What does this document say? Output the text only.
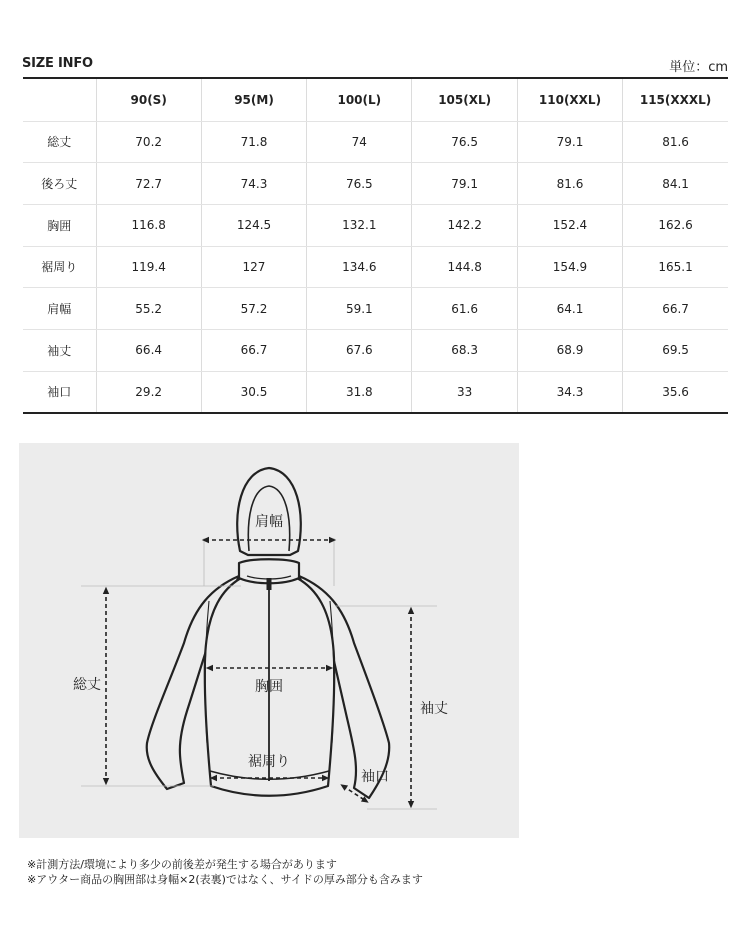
SIZE INFO	単位：cm
	90(S)	95(M)	100(L)	105(XL)	110(XXL)	115(XXXL)
総丈	70.2	71.8	74	76.5	79.1	81.6
後ろ丈	72.7	74.3	76.5	79.1	81.6	84.1
胸囲	116.8	124.5	132.1	142.2	152.4	162.6
裾周り	119.4	127	134.6	144.8	154.9	165.1
肩幅	55.2	57.2	59.1	61.6	64.1	66.7
袖丈	66.4	66.7	67.6	68.3	68.9	69.5
袖口	29.2	30.5	31.8	33	34.3	35.6
肩幅
総丈	胸囲
袖丈
裾周り
袖口
※計測方法/環境により多少の前後差が発生する場合があります
※アウター商品の胸囲部は身幅×2(表裏)ではなく、サイドの厚み部分も含みます
